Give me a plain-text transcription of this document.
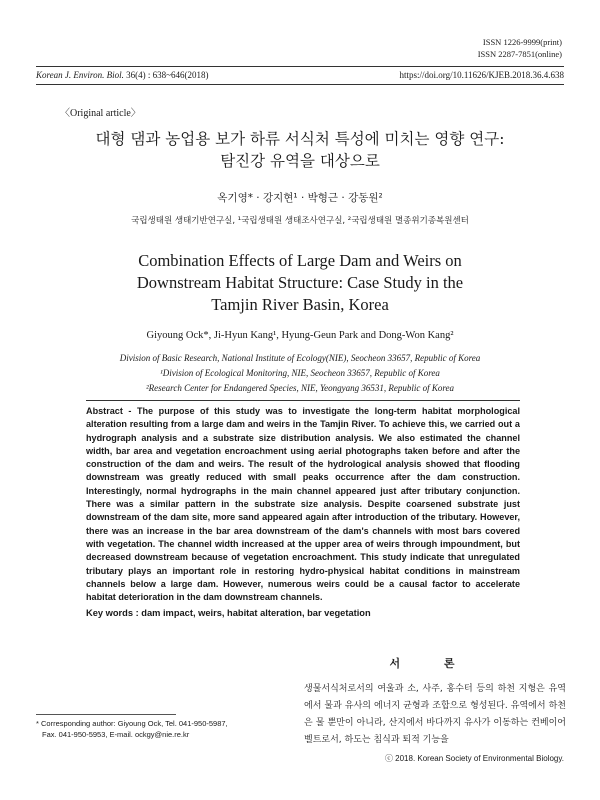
ISSN 1226-9999(print)
ISSN 2287-7851(online)
Korean J. Environ. Biol. 36(4) : 638~646(2018)	https://doi.org/10.11626/KJEB.2018.36.4.638
〈Original article〉
대형 댐과 농업용 보가 하류 서식처 특성에 미치는 영향 연구:
탐진강 유역을 대상으로
옥기영* · 강지현¹ · 박형근 · 강동원²
국립생태원 생태기반연구실, ¹국립생태원 생태조사연구실, ²국립생태원 멸종위기종복원센터
Combination Effects of Large Dam and Weirs on
Downstream Habitat Structure: Case Study in the
Tamjin River Basin, Korea
Giyoung Ock*, Ji-Hyun Kang¹, Hyung-Geun Park and Dong-Won Kang²
Division of Basic Research, National Institute of Ecology(NIE), Seocheon 33657, Republic of Korea
¹Division of Ecological Monitoring, NIE, Seocheon 33657, Republic of Korea
²Research Center for Endangered Species, NIE, Yeongyang 36531, Republic of Korea
Abstract - The purpose of this study was to investigate the long-term habitat morphological alteration resulting from a large dam and weirs in the Tamjin River. To achieve this, we carried out a hydrograph analysis and a substrate size distribution analysis. We also estimated the channel width, bar area and vegetation encroachment using aerial photographs taken before and after the construction of the dam and weirs. The result of the hydrological analysis showed that flooding downstream was greatly reduced with small peaks occurrence after the dam construction. Interestingly, normal hydrographs in the main channel appeared just after tributary conjunction. There was a similar pattern in the substrate size analysis. Despite coarsened substrate just downstream of the dam site, more sand appeared again after introduction of the tributary. However, there was an increase in the bar area downstream of the dam's channels with most bars covered with vegetation. The channel width increased at the upper area of weirs through impoundment, but decreased downstream because of vegetation encroachment. This study indicate that unregulated tributary plays an important role in restoring hydro-physical habitat conditions in mainstream channels below a large dam. However, numerous weirs could be a causal factor to accelerate habitat deterioration in the dam downstream channels.
Key words : dam impact, weirs, habitat alteration, bar vegetation
서 론
생물서식처로서의 여울과 소, 사주, 홍수터 등의 하천 지형은 유역에서 물과 유사의 에너지 균형과 조합으로 형성된다. 유역에서 하천은 물 뿐만이 아니라, 산지에서 바다까지 유사가 이동하는 컨베이어 벨트로서, 하도는 침식과 퇴적 기능을
* Corresponding author: Giyoung Ock, Tel. 041-950-5987,
Fax. 041-950-5953, E-mail. ockgy@nie.re.kr
ⓒ 2018. Korean Society of Environmental Biology.
